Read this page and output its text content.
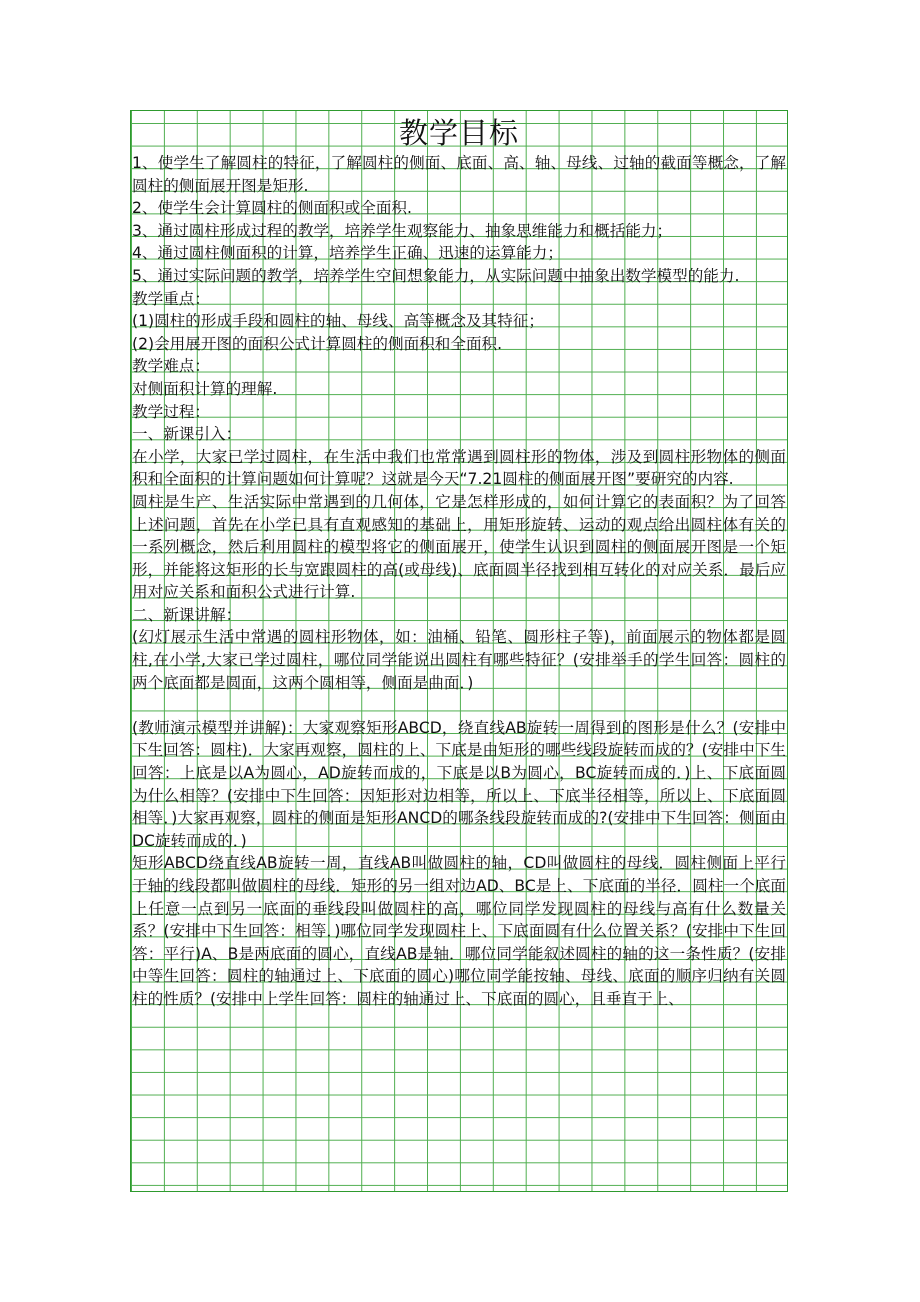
教学目标

1、使学生了解圆柱的特征，了解圆柱的侧面、底面、高、轴、母线、过轴的截面等概念，了解圆柱的侧面展开图是矩形.

2、使学生会计算圆柱的侧面积或全面积.

3、通过圆柱形成过程的教学，培养学生观察能力、抽象思维能力和概括能力；

4、通过圆柱侧面积的计算，培养学生正确、迅速的运算能力；

5、通过实际问题的教学，培养学生空间想象能力，从实际问题中抽象出数学模型的能力.

教学重点：

(1)圆柱的形成手段和圆柱的轴、母线、高等概念及其特征；

(2)会用展开图的面积公式计算圆柱的侧面积和全面积.

教学难点：

对侧面积计算的理解.

教学过程：

一、新课引入：

在小学，大家已学过圆柱，在生活中我们也常常遇到圆柱形的物体，涉及到圆柱形物体的侧面积和全面积的计算问题如何计算呢？这就是今天“7.21圆柱的侧面展开图”要研究的内容.

圆柱是生产、生活实际中常遇到的几何体，它是怎样形成的，如何计算它的表面积？为了回答上述问题，首先在小学已具有直观感知的基础上，用矩形旋转、运动的观点给出圆柱体有关的一系列概念，然后利用圆柱的模型将它的侧面展开，使学生认识到圆柱的侧面展开图是一个矩形，并能将这矩形的长与宽跟圆柱的高(或母线)、底面圆半径找到相互转化的对应关系．最后应用对应关系和面积公式进行计算.

二、新课讲解：

(幻灯展示生活中常遇的圆柱形物体，如：油桶、铅笔、圆形柱子等)，前面展示的物体都是圆柱,在小学,大家已学过圆柱，哪位同学能说出圆柱有哪些特征？(安排举手的学生回答：圆柱的两个底面都是圆面，这两个圆相等，侧面是曲面．)

(教师演示模型并讲解)：大家观察矩形ABCD，绕直线AB旋转一周得到的图形是什么？(安排中下生回答：圆柱)．大家再观察，圆柱的上、下底是由矩形的哪些线段旋转而成的？(安排中下生回答：上底是以A为圆心，AD旋转而成的，下底是以B为圆心，BC旋转而成的．)上、下底面圆为什么相等？(安排中下生回答：因矩形对边相等，所以上、下底半径相等，所以上、下底面圆相等．)大家再观察，圆柱的侧面是矩形ANCD的哪条线段旋转而成的?(安排中下生回答：侧面由DC旋转而成的．)

矩形ABCD绕直线AB旋转一周，直线AB叫做圆柱的轴，CD叫做圆柱的母线．圆柱侧面上平行于轴的线段都叫做圆柱的母线．矩形的另一组对边AD、BC是上、下底面的半径．圆柱一个底面上任意一点到另一底面的垂线段叫做圆柱的高，哪位同学发现圆柱的母线与高有什么数量关系？(安排中下生回答：相等．)哪位同学发现圆柱上、下底面圆有什么位置关系？(安排中下生回答：平行)A、B是两底面的圆心，直线AB是轴．哪位同学能叙述圆柱的轴的这一条性质？(安排中等生回答：圆柱的轴通过上、下底面的圆心)哪位同学能按轴、母线、底面的顺序归纳有关圆柱的性质？(安排中上学生回答：圆柱的轴通过上、下底面的圆心，且垂直于上、
